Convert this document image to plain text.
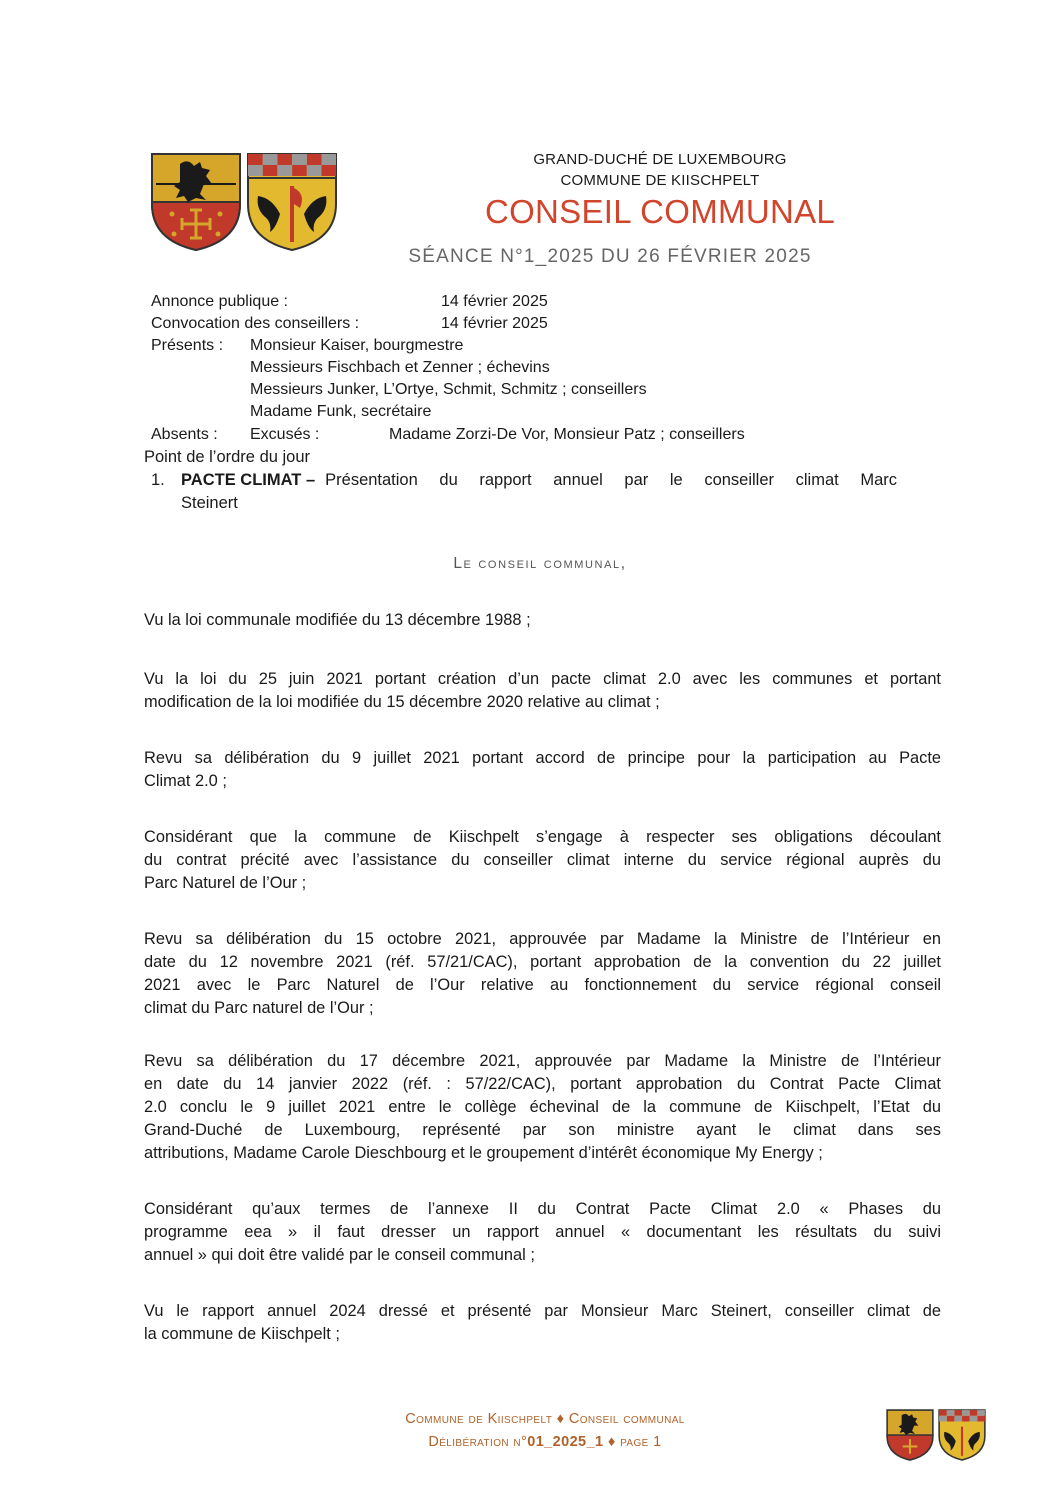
GRAND-DUCHÉ DE LUXEMBOURG
COMMUNE DE KIISCHPELT
CONSEIL COMMUNAL
SÉANCE N°1_2025 DU 26 FÉVRIER 2025
Annonce publique :	14 février 2025
Convocation des conseillers :	14 février 2025
Présents : Monsieur Kaiser, bourgmestre
Messieurs Fischbach et Zenner ; échevins
Messieurs Junker, L’Ortye, Schmit, Schmitz ; conseillers
Madame Funk, secrétaire
Absents : Excusés :	Madame Zorzi-De Vor, Monsieur Patz ; conseillers
Point de l’ordre du jour
1. PACTE CLIMAT – Présentation du rapport annuel par le conseiller climat Marc
Steinert
Le conseil communal,
Vu la loi communale modifiée du 13 décembre 1988 ;
Vu la loi du 25 juin 2021 portant création d’un pacte climat 2.0 avec les communes et portant
modification de la loi modifiée du 15 décembre 2020 relative au climat ;
Revu sa délibération du 9 juillet 2021 portant accord de principe pour la participation au Pacte
Climat 2.0 ;
Considérant que la commune de Kiischpelt s’engage à respecter ses obligations découlant
du contrat précité avec l’assistance du conseiller climat interne du service régional auprès du
Parc Naturel de l’Our ;
Revu sa délibération du 15 octobre 2021, approuvée par Madame la Ministre de l’Intérieur en
date du 12 novembre 2021 (réf. 57/21/CAC), portant approbation de la convention du 22 juillet
2021 avec le Parc Naturel de l’Our relative au fonctionnement du service régional conseil
climat du Parc naturel de l’Our ;
Revu sa délibération du 17 décembre 2021, approuvée par Madame la Ministre de l’Intérieur
en date du 14 janvier 2022 (réf. : 57/22/CAC), portant approbation du Contrat Pacte Climat
2.0 conclu le 9 juillet 2021 entre le collège échevinal de la commune de Kiischpelt, l’Etat du
Grand-Duché de Luxembourg, représenté par son ministre ayant le climat dans ses
attributions, Madame Carole Dieschbourg et le groupement d’intérêt économique My Energy ;
Considérant qu’aux termes de l’annexe II du Contrat Pacte Climat 2.0 « Phases du
programme eea » il faut dresser un rapport annuel « documentant les résultats du suivi
annuel » qui doit être validé par le conseil communal ;
Vu le rapport annuel 2024 dressé et présenté par Monsieur Marc Steinert, conseiller climat de
la commune de Kiischpelt ;
Commune de Kiischpelt ♦ Conseil communal
Délibération n°01_2025_1 ♦ page 1
